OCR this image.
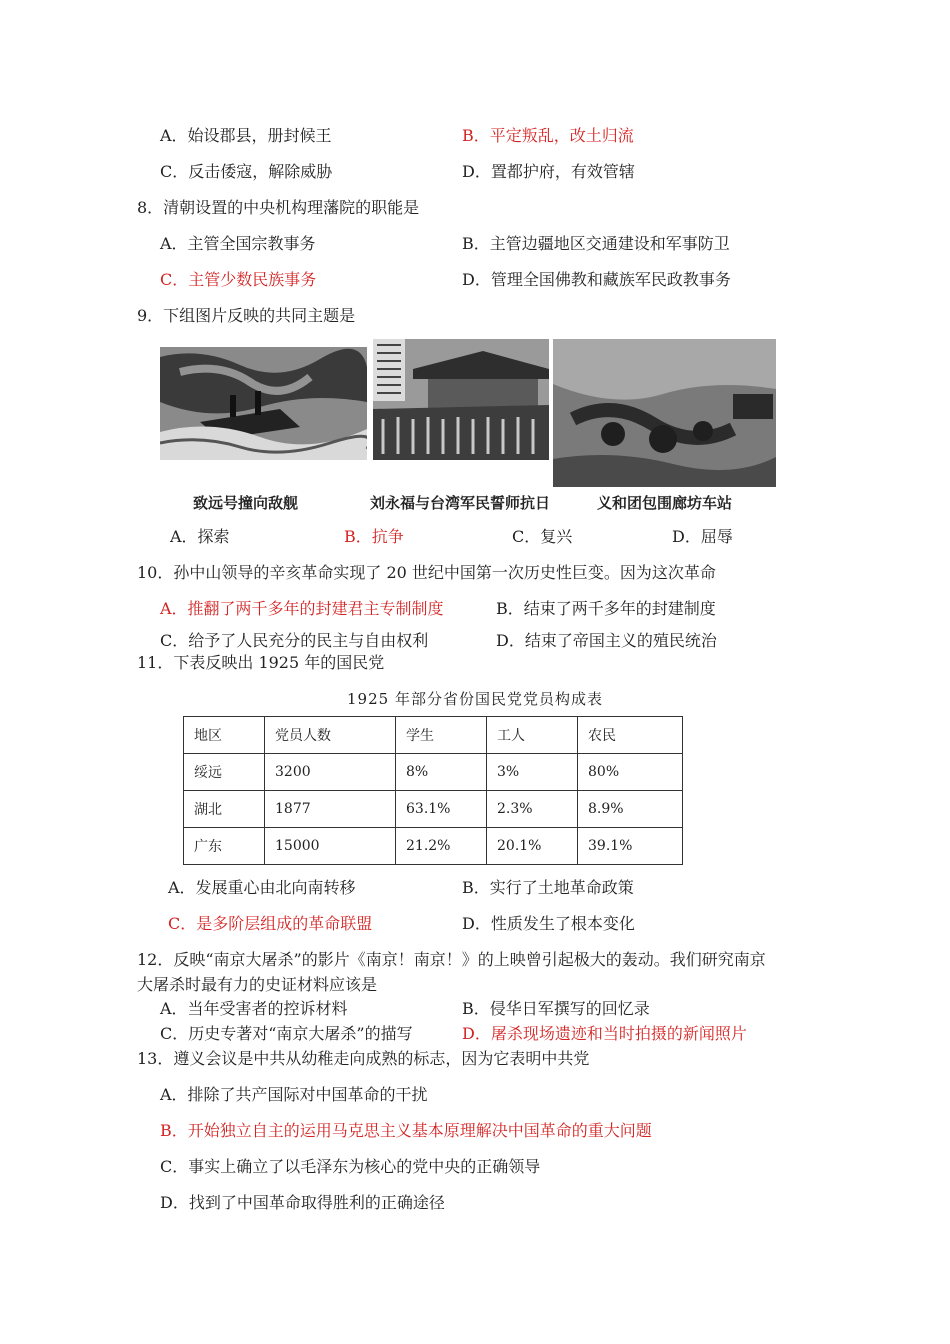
A．始设郡县，册封候王	B．平定叛乱，改土归流
C．反击倭寇，解除威胁	D．置都护府，有效管辖
8．清朝设置的中央机构理藩院的职能是
A．主管全国宗教事务	B．主管边疆地区交通建设和军事防卫
C．主管少数民族事务	D．管理全国佛教和藏族军民政教事务
9．下组图片反映的共同主题是
致远号撞向敌舰	刘永福与台湾军民誓师抗日	义和团包围廊坊车站
A．探索	B．抗争	C．复兴	D．屈辱
10．孙中山领导的辛亥革命实现了 20 世纪中国第一次历史性巨变。因为这次革命
A．推翻了两千多年的封建君主专制制度	B．结束了两千多年的封建制度
C．给予了人民充分的民主与自由权利	D．结束了帝国主义的殖民统治
11．下表反映出 1925 年的国民党
1925 年部分省份国民党党员构成表
地区	党员人数	学生	工人	农民
绥远	3200	8%	3%	80%
湖北	1877	63.1%	2.3%	8.9%
广东	15000	21.2%	20.1%	39.1%
A．发展重心由北向南转移	B．实行了土地革命政策
C．是多阶层组成的革命联盟	D．性质发生了根本变化
12．反映“南京大屠杀”的影片《南京！南京！》的上映曾引起极大的轰动。我们研究南京
大屠杀时最有力的史证材料应该是
A．当年受害者的控诉材料	B．侵华日军撰写的回忆录
C．历史专著对“南京大屠杀”的描写	D．屠杀现场遗迹和当时拍摄的新闻照片
13．遵义会议是中共从幼稚走向成熟的标志，因为它表明中共党
A．排除了共产国际对中国革命的干扰
B．开始独立自主的运用马克思主义基本原理解决中国革命的重大问题
C．事实上确立了以毛泽东为核心的党中央的正确领导
D．找到了中国革命取得胜利的正确途径
